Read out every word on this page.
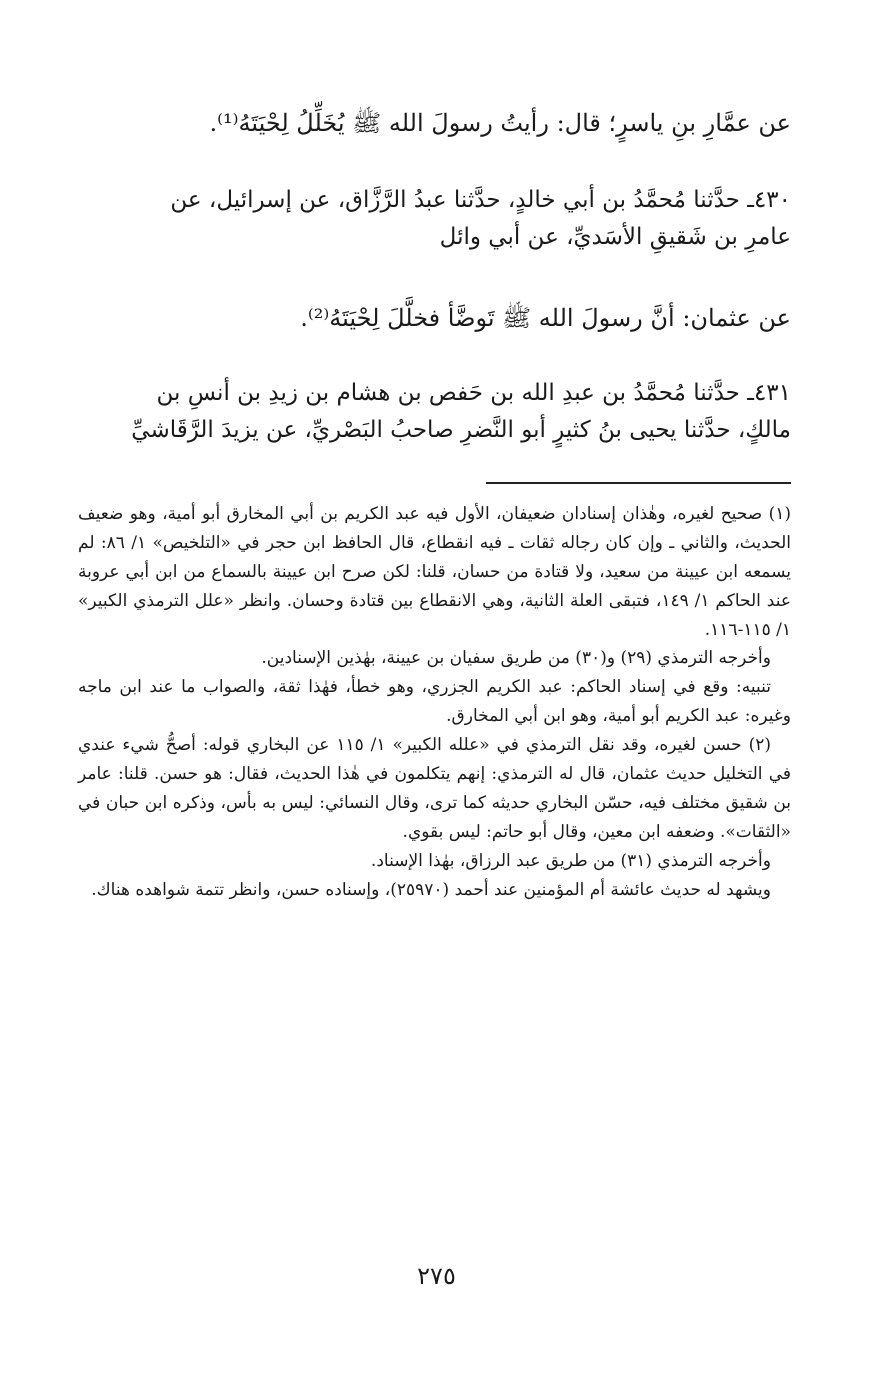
عن عمَّارِ بنِ ياسرٍ؛ قال: رأيتُ رسولَ الله ﷺ يُخَلِّلُ لِحْيَتَهُ⁽¹⁾.

٤٣٠ـ حدَّثنا مُحمَّدُ بن أبي خالدٍ، حدَّثنا عبدُ الرَّزَّاق، عن إسرائيل، عن
عامرِ بن شَقيقِ الأسَديِّ، عن أبي وائل

عن عثمان: أنَّ رسولَ الله ﷺ تَوضَّأ فخلَّلَ لِحْيَتَهُ⁽²⁾.

٤٣١ـ حدَّثنا مُحمَّدُ بن عبدِ الله بن حَفص بن هشام بن زيدِ بن أنسِ بن
مالكٍ، حدَّثنا يحيى بنُ كثيرٍ أبو النَّضرِ صاحبُ البَصْريِّ، عن يزيدَ الرَّقَاشيِّ

(١) صحيح لغيره، وهٰذان إسنادان ضعيفان، الأول فيه عبد الكريم بن أبي المخارق أبو أمية، وهو ضعيف الحديث، والثاني ـ وإن كان رجاله ثقات ـ فيه انقطاع، قال الحافظ ابن حجر في «التلخيص» ١/ ٨٦: لم يسمعه ابن عيينة من سعيد، ولا قتادة من حسان، قلنا: لكن صرح ابن عيينة بالسماع من ابن أبي عروبة عند الحاكم ١/ ١٤٩، فتبقى العلة الثانية، وهي الانقطاع بين قتادة وحسان. وانظر «علل الترمذي الكبير» ١/ ١١٥-١١٦.

وأخرجه الترمذي (٢٩) و(٣٠) من طريق سفيان بن عيينة، بهٰذين الإسنادين.

تنبيه: وقع في إسناد الحاكم: عبد الكريم الجزري، وهو خطأ، فهٰذا ثقة، والصواب ما عند ابن ماجه وغيره: عبد الكريم أبو أمية، وهو ابن أبي المخارق.

(٢) حسن لغيره، وقد نقل الترمذي في «علله الكبير» ١/ ١١٥ عن البخاري قوله: أصحُّ شيء عندي في التخليل حديث عثمان، قال له الترمذي: إنهم يتكلمون في هٰذا الحديث، فقال: هو حسن. قلنا: عامر بن شقيق مختلف فيه، حسّن البخاري حديثه كما ترى، وقال النسائي: ليس به بأس، وذكره ابن حبان في «الثقات». وضعفه ابن معين، وقال أبو حاتم: ليس بقوي.

وأخرجه الترمذي (٣١) من طريق عبد الرزاق، بهٰذا الإسناد.

ويشهد له حديث عائشة أم المؤمنين عند أحمد (٢٥٩٧٠)، وإسناده حسن، وانظر تتمة شواهده هناك.

٢٧٥
